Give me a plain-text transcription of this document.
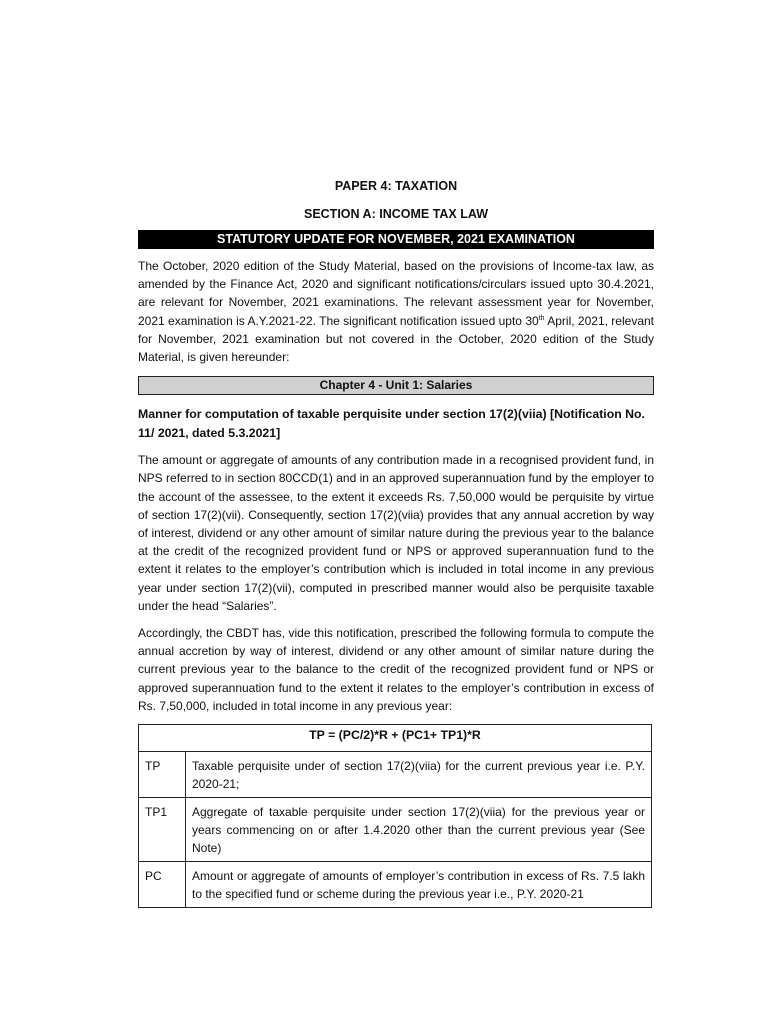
PAPER 4: TAXATION
SECTION A: INCOME TAX LAW
STATUTORY UPDATE FOR NOVEMBER, 2021 EXAMINATION

The October, 2020 edition of the Study Material, based on the provisions of Income-tax law, as amended by the Finance Act, 2020 and significant notifications/circulars issued upto 30.4.2021, are relevant for November, 2021 examinations. The relevant assessment year for November, 2021 examination is A.Y.2021-22. The significant notification issued upto 30th April, 2021, relevant for November, 2021 examination but not covered in the October, 2020 edition of the Study Material, is given hereunder:

Chapter 4 - Unit 1: Salaries
Manner for computation of taxable perquisite under section 17(2)(viia) [Notification No. 11/ 2021, dated 5.3.2021]

The amount or aggregate of amounts of any contribution made in a recognised provident fund, in NPS referred to in section 80CCD(1) and in an approved superannuation fund by the employer to the account of the assessee, to the extent it exceeds Rs. 7,50,000 would be perquisite by virtue of section 17(2)(vii). Consequently, section 17(2)(viia) provides that any annual accretion by way of interest, dividend or any other amount of similar nature during the previous year to the balance at the credit of the recognized provident fund or NPS or approved superannuation fund to the extent it relates to the employer’s contribution which is included in total income in any previous year under section 17(2)(vii), computed in prescribed manner would also be perquisite taxable under the head “Salaries”.

Accordingly, the CBDT has, vide this notification, prescribed the following formula to compute the annual accretion by way of interest, dividend or any other amount of similar nature during the current previous year to the balance to the credit of the recognized provident fund or NPS or approved superannuation fund to the extent it relates to the employer’s contribution in excess of Rs. 7,50,000, included in total income in any previous year:

TP = (PC/2)*R + (PC1+ TP1)*R	
TP	Taxable perquisite under of section 17(2)(viia) for the current previous year i.e. P.Y. 2020-21;
TP1	Aggregate of taxable perquisite under section 17(2)(viia) for the previous year or years commencing on or after 1.4.2020 other than the current previous year (See Note)
PC	Amount or aggregate of amounts of employer’s contribution in excess of Rs. 7.5 lakh to the specified fund or scheme during the previous year i.e., P.Y. 2020-21
